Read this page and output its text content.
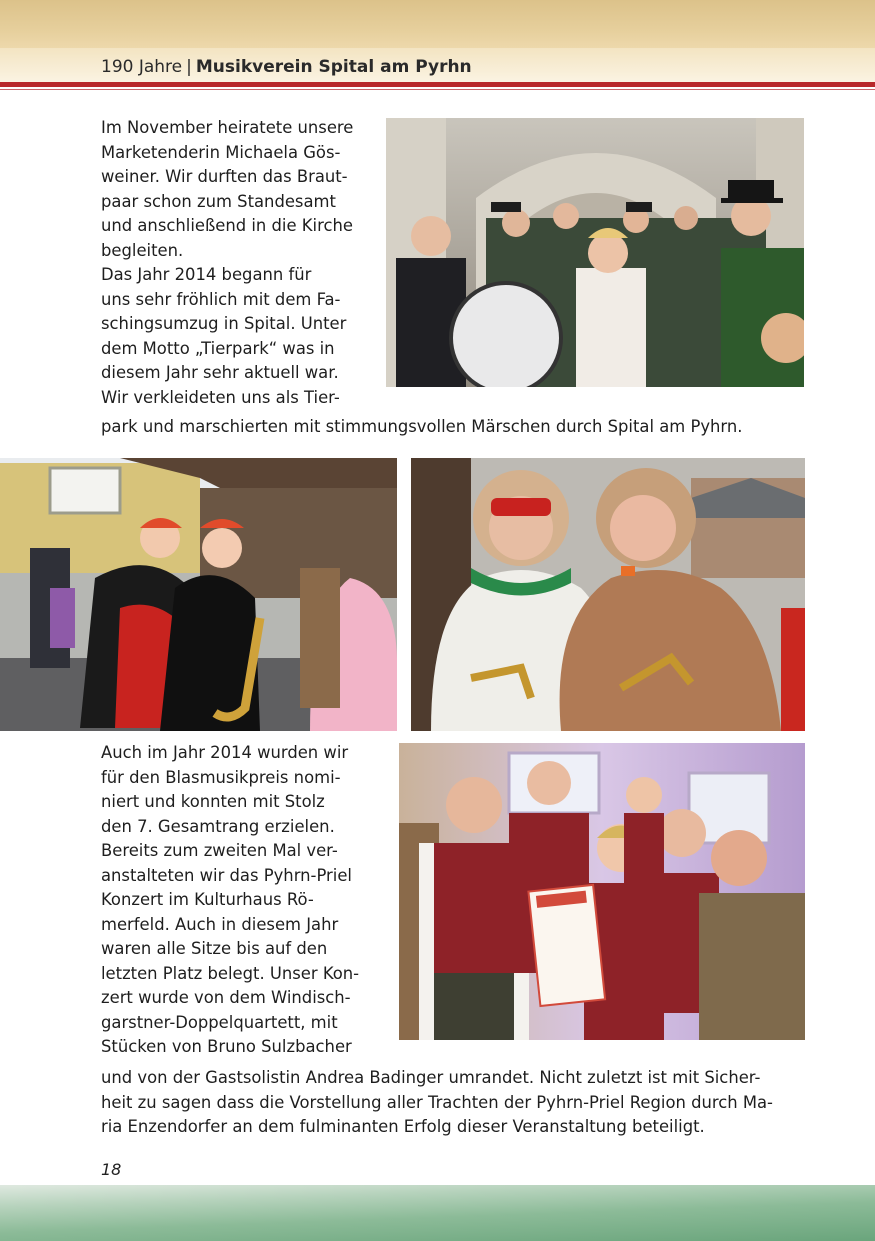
190 Jahre | Musikverein Spital am Pyrhn
Im November heiratete unsere
Marketenderin Michaela Gös-
weiner. Wir durften das Braut-
paar schon zum Standesamt
und anschließend in die Kirche
begleiten.
Das Jahr 2014 begann für
uns sehr fröhlich mit dem Fa-
schingsumzug in Spital. Unter
dem Motto „Tierpark“ was in
diesem Jahr sehr aktuell war.
Wir verkleideten uns als Tier-
park und marschierten mit stimmungsvollen Märschen durch Spital am Pyhrn.
Auch im Jahr 2014 wurden wir
für den Blasmusikpreis nomi-
niert und konnten mit Stolz
den 7. Gesamtrang erzielen.
Bereits zum zweiten Mal ver-
anstalteten wir das Pyhrn-Priel
Konzert im Kulturhaus Rö-
merfeld. Auch in diesem Jahr
waren alle Sitze bis auf den
letzten Platz belegt. Unser Kon-
zert wurde von dem Windisch-
garstner-Doppelquartett, mit
Stücken von Bruno Sulzbacher
und von der Gastsolistin Andrea Badinger umrandet. Nicht zuletzt ist mit Sicher-
heit zu sagen dass die Vorstellung aller Trachten der Pyhrn-Priel Region durch Ma-
ria Enzendorfer an dem fulminanten Erfolg dieser Veranstaltung beteiligt.
18
